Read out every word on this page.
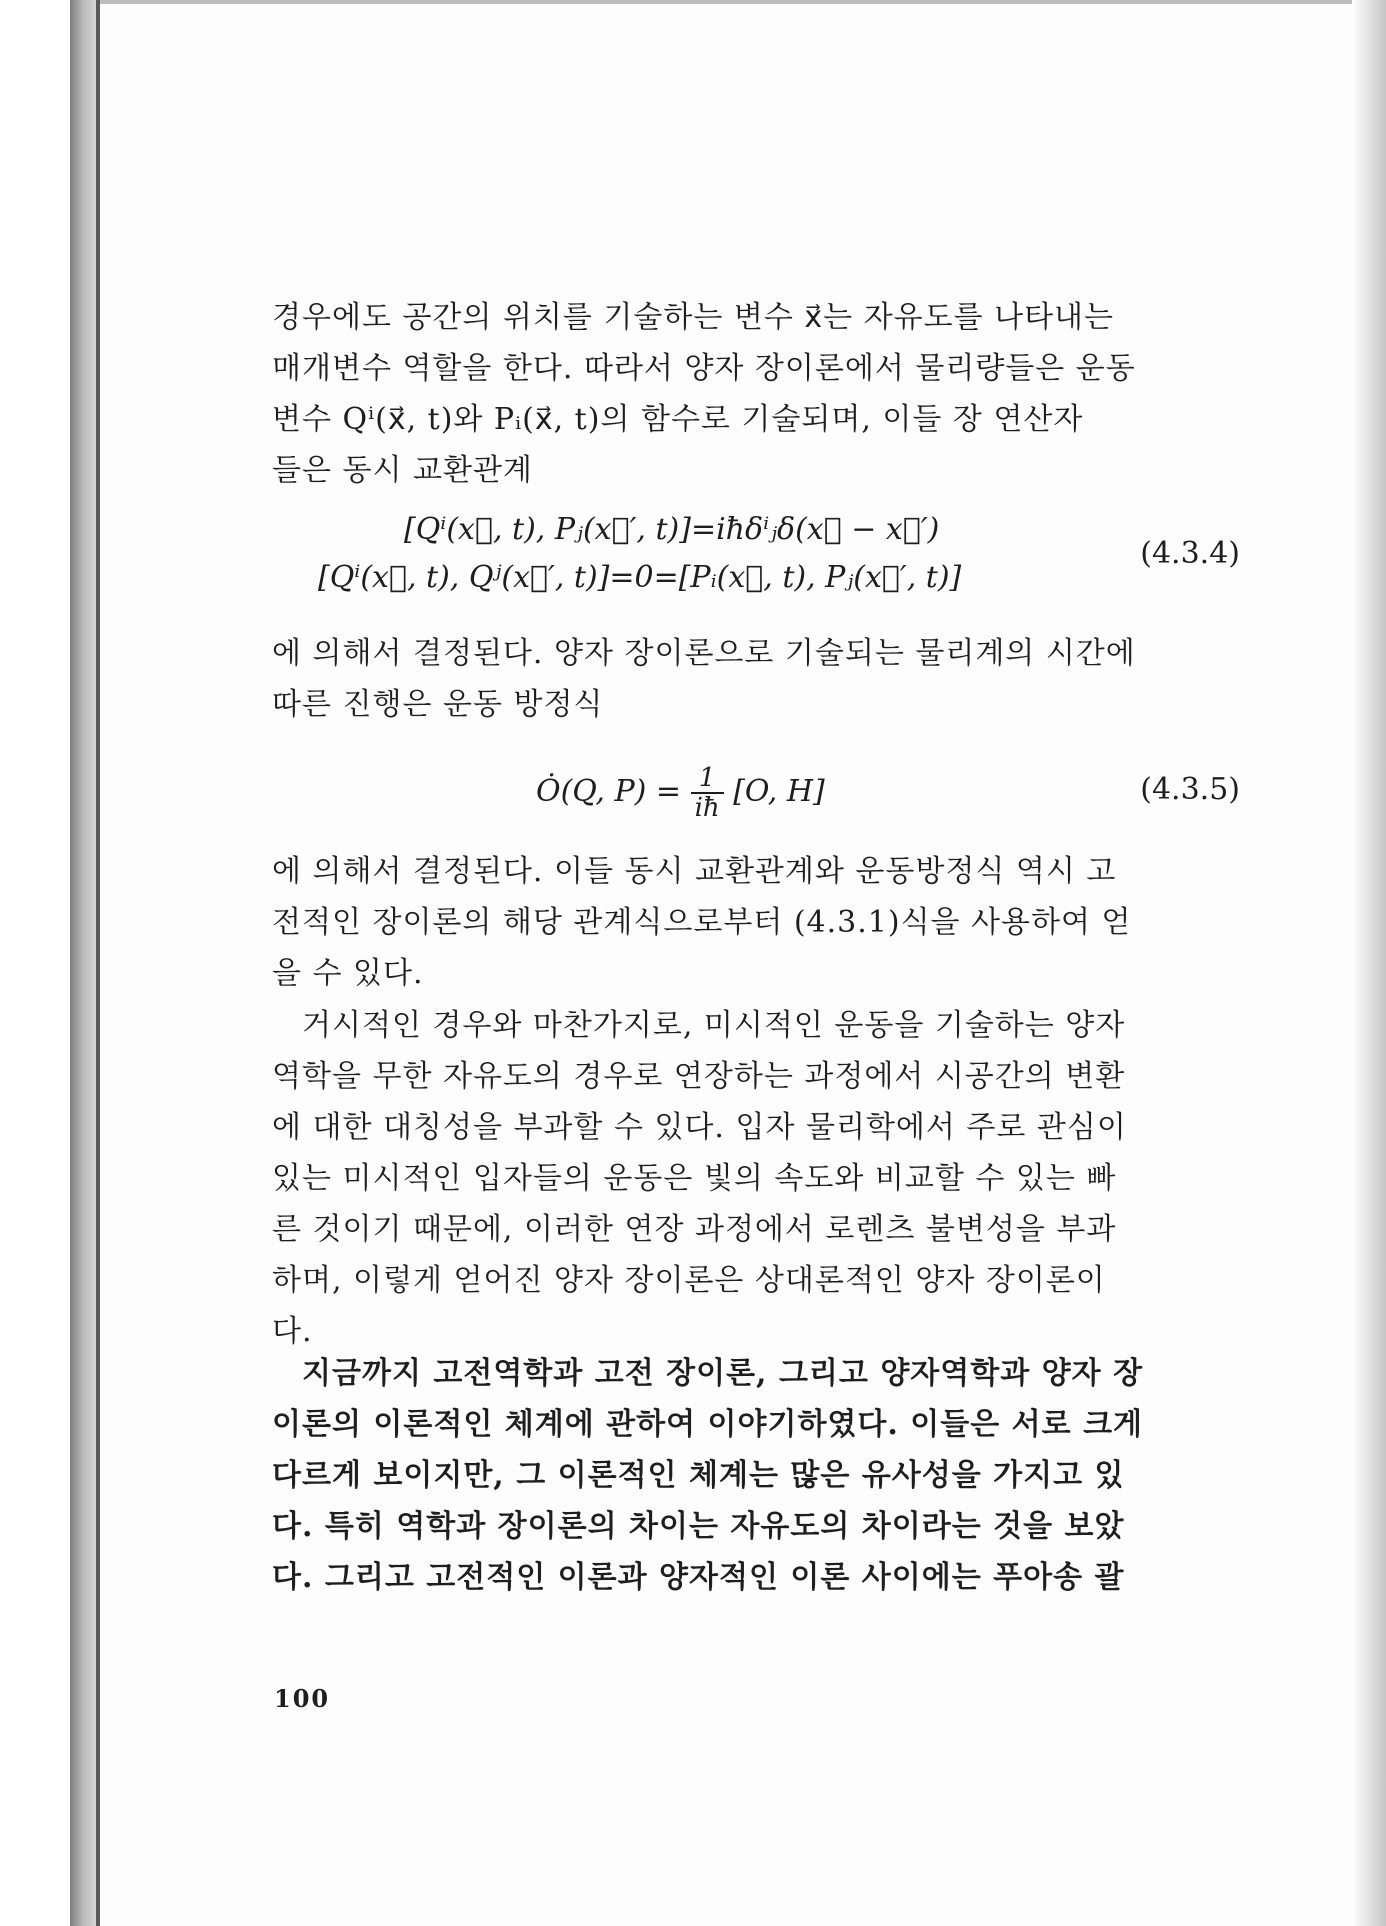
경우에도 공간의 위치를 기술하는 변수 x⃗는 자유도를 나타내는

매개변수 역할을 한다. 따라서 양자 장이론에서 물리량들은 운동

변수 Qⁱ(x⃗, t)와 Pᵢ(x⃗, t)의 함수로 기술되며, 이들 장 연산자

들은 동시 교환관계

[Qⁱ(x⃗, t), Pⱼ(x⃗′, t)]=iħδⁱⱼδ(x⃗ − x⃗′)
[Qⁱ(x⃗, t), Qʲ(x⃗′, t)]=0=[Pᵢ(x⃗, t), Pⱼ(x⃗′, t)]
(4.3.4)

에 의해서 결정된다. 양자 장이론으로 기술되는 물리계의 시간에

따른 진행은 운동 방정식

Ȯ(Q, $P) = \frac{1}{iħ} [O$, H]	(4.3.5)

에 의해서 결정된다. 이들 동시 교환관계와 운동방정식 역시 고

전적인 장이론의 해당 관계식으로부터 (4.3.1)식을 사용하여 얻

을 수 있다.

거시적인 경우와 마찬가지로, 미시적인 운동을 기술하는 양자

역학을 무한 자유도의 경우로 연장하는 과정에서 시공간의 변환

에 대한 대칭성을 부과할 수 있다. 입자 물리학에서 주로 관심이

있는 미시적인 입자들의 운동은 빛의 속도와 비교할 수 있는 빠

른 것이기 때문에, 이러한 연장 과정에서 로렌츠 불변성을 부과

하며, 이렇게 얻어진 양자 장이론은 상대론적인 양자 장이론이

다.

지금까지 고전역학과 고전 장이론, 그리고 양자역학과 양자 장

이론의 이론적인 체계에 관하여 이야기하였다. 이들은 서로 크게

다르게 보이지만, 그 이론적인 체계는 많은 유사성을 가지고 있

다. 특히 역학과 장이론의 차이는 자유도의 차이라는 것을 보았

다. 그리고 고전적인 이론과 양자적인 이론 사이에는 푸아송 괄

100
